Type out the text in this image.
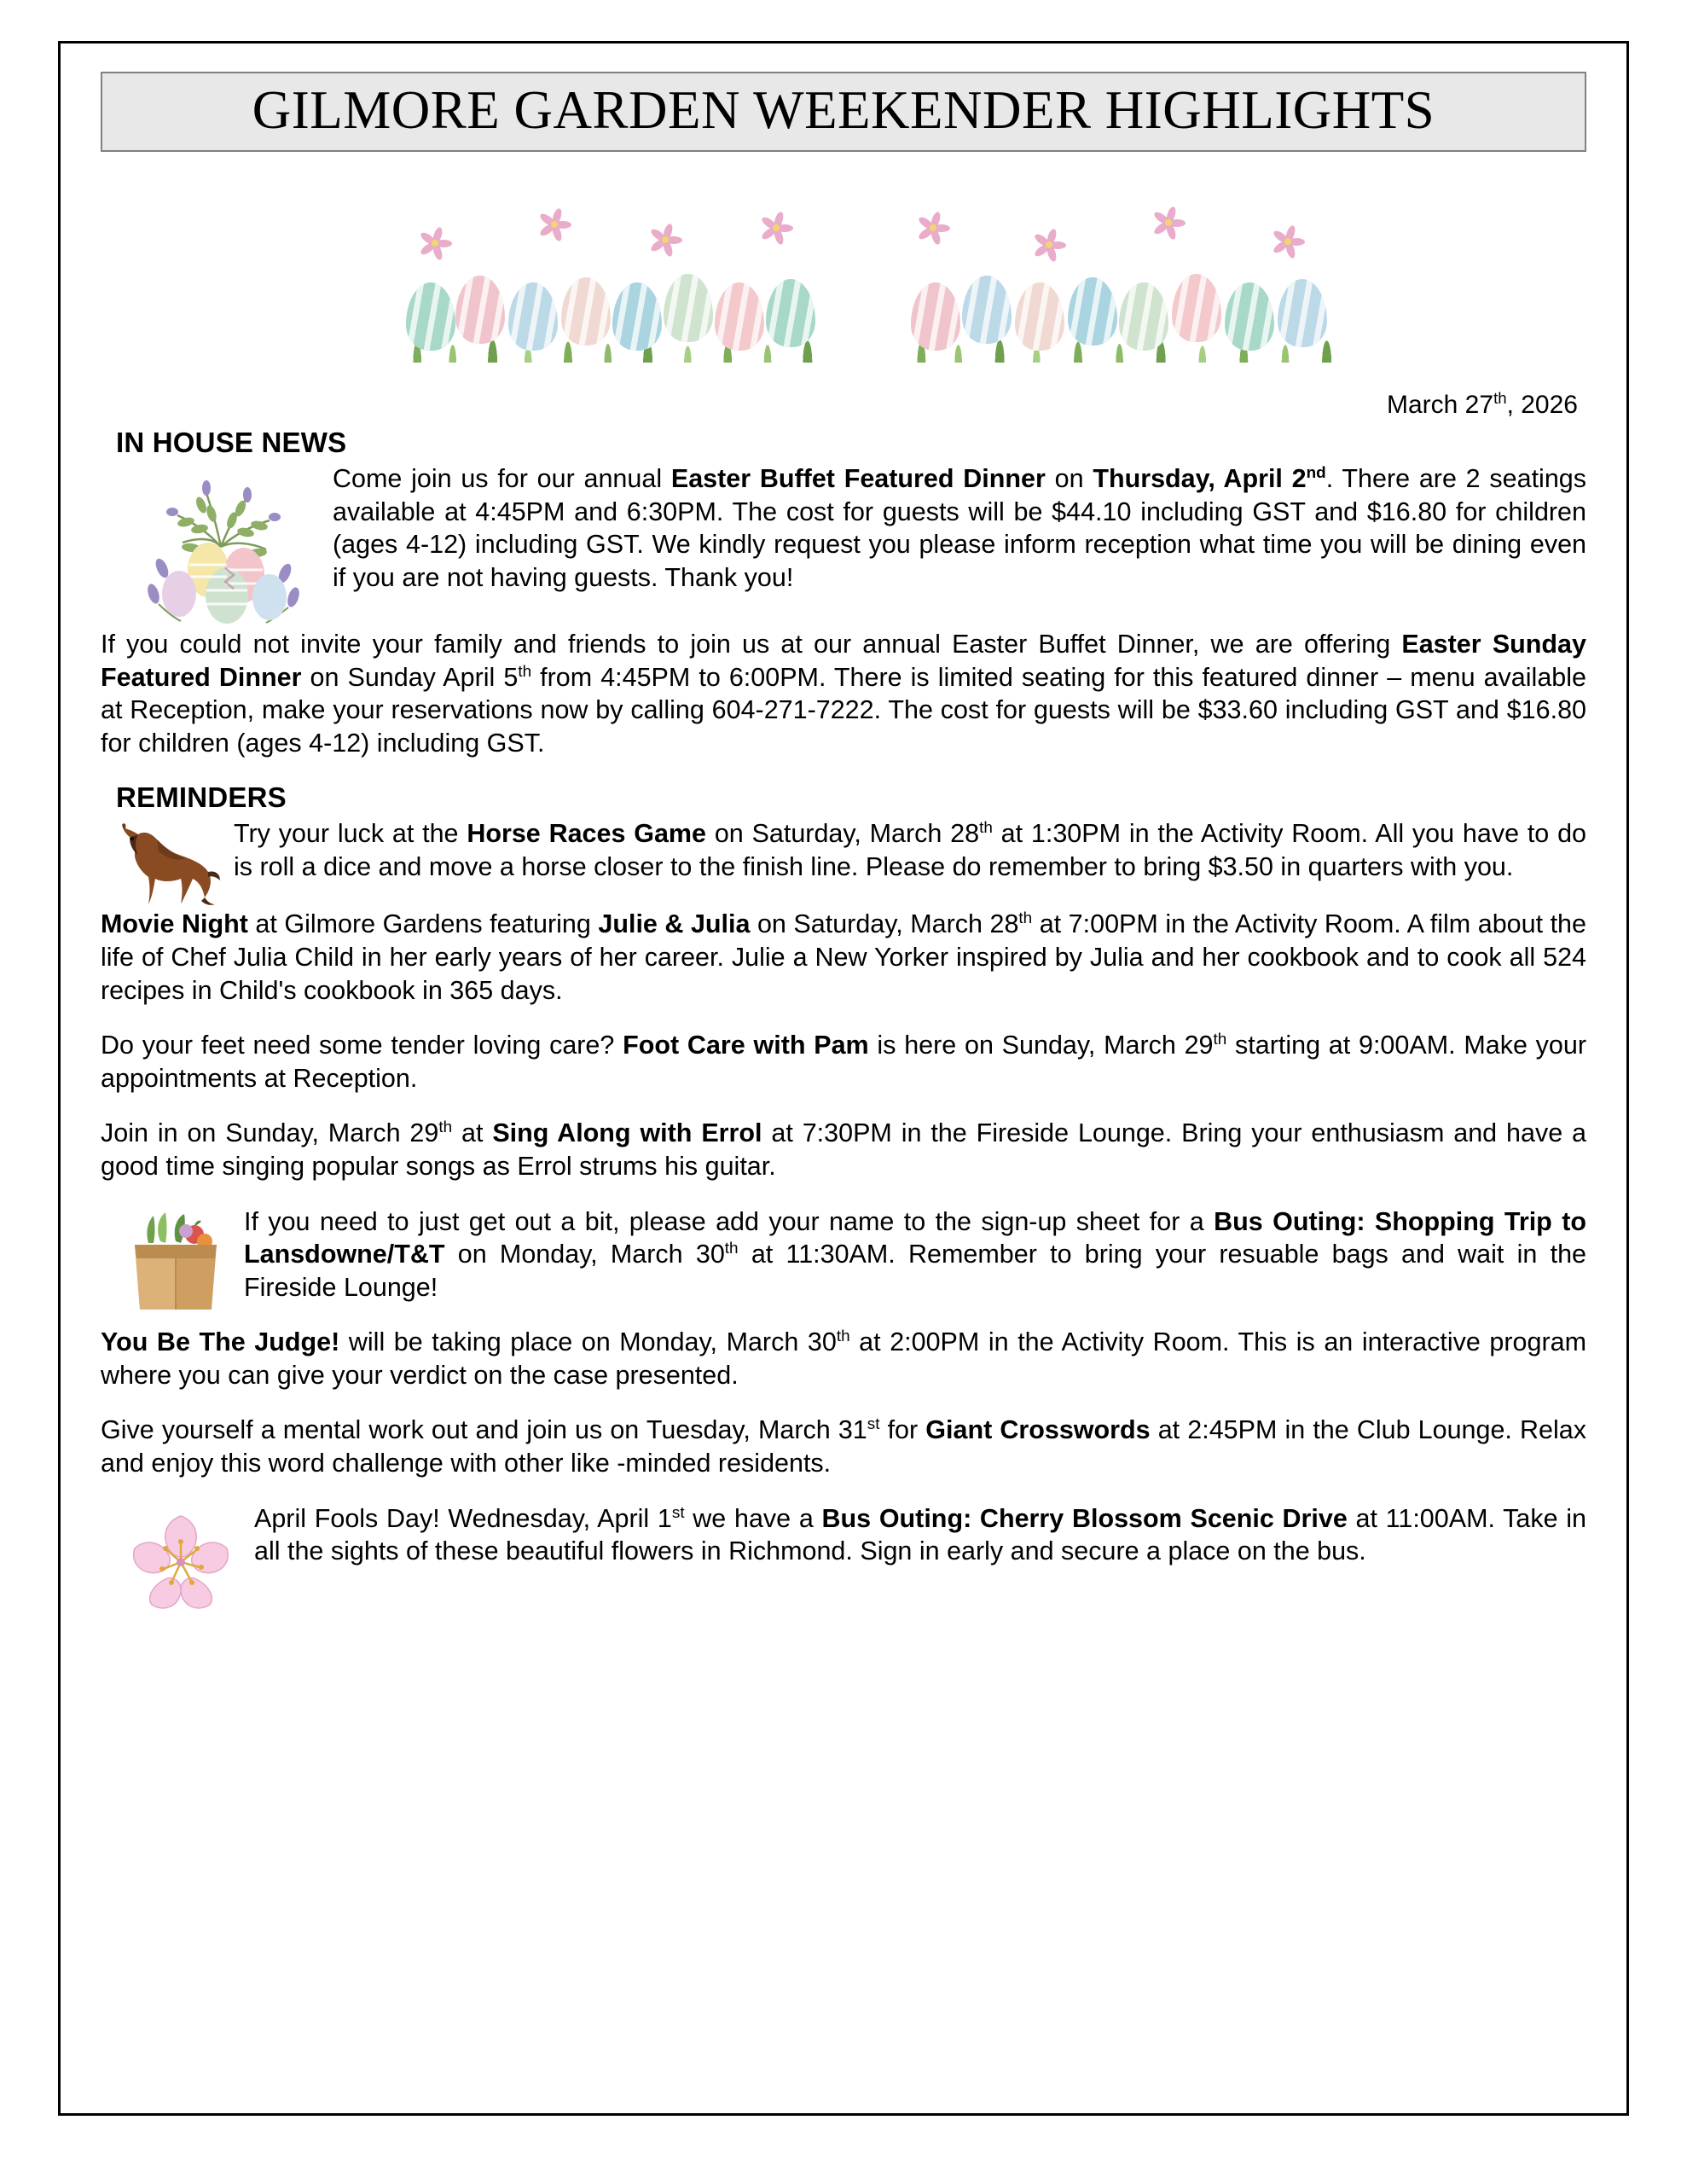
GILMORE GARDEN WEEKENDER HIGHLIGHTS
March 27th, 2026
IN HOUSE NEWS

Come join us for our annual Easter Buffet Featured Dinner on Thursday, April 2nd. There are 2 seatings available at 4:45PM and 6:30PM. The cost for guests will be $44.10 including GST and $16.80 for children (ages 4-12) including GST. We kindly request you please inform reception what time you will be dining even if you are not having guests. Thank you!

If you could not invite your family and friends to join us at our annual Easter Buffet Dinner, we are offering Easter Sunday Featured Dinner on Sunday April 5th from 4:45PM to 6:00PM. There is limited seating for this featured dinner – menu available at Reception, make your reservations now by calling 604-271-7222. The cost for guests will be $33.60 including GST and $16.80 for children (ages 4-12) including GST.

REMINDERS

Try your luck at the Horse Races Game on Saturday, March 28th at 1:30PM in the Activity Room. All you have to do is roll a dice and move a horse closer to the finish line. Please do remember to bring $3.50 in quarters with you.

Movie Night at Gilmore Gardens featuring Julie & Julia on Saturday, March 28th at 7:00PM in the Activity Room. A film about the life of Chef Julia Child in her early years of her career. Julie a New Yorker inspired by Julia and her cookbook and to cook all 524 recipes in Child's cookbook in 365 days.

Do your feet need some tender loving care? Foot Care with Pam is here on Sunday, March 29th starting at 9:00AM. Make your appointments at Reception.

Join in on Sunday, March 29th at Sing Along with Errol at 7:30PM in the Fireside Lounge. Bring your enthusiasm and have a good time singing popular songs as Errol strums his guitar.

If you need to just get out a bit, please add your name to the sign-up sheet for a Bus Outing: Shopping Trip to Lansdowne/T&T on Monday, March 30th at 11:30AM. Remember to bring your resuable bags and wait in the Fireside Lounge!

You Be The Judge! will be taking place on Monday, March 30th at 2:00PM in the Activity Room. This is an interactive program where you can give your verdict on the case presented.

Give yourself a mental work out and join us on Tuesday, March 31st for Giant Crosswords at 2:45PM in the Club Lounge. Relax and enjoy this word challenge with other like -minded residents.

April Fools Day! Wednesday, April 1st we have a Bus Outing: Cherry Blossom Scenic Drive at 11:00AM. Take in all the sights of these beautiful flowers in Richmond. Sign in early and secure a place on the bus.
